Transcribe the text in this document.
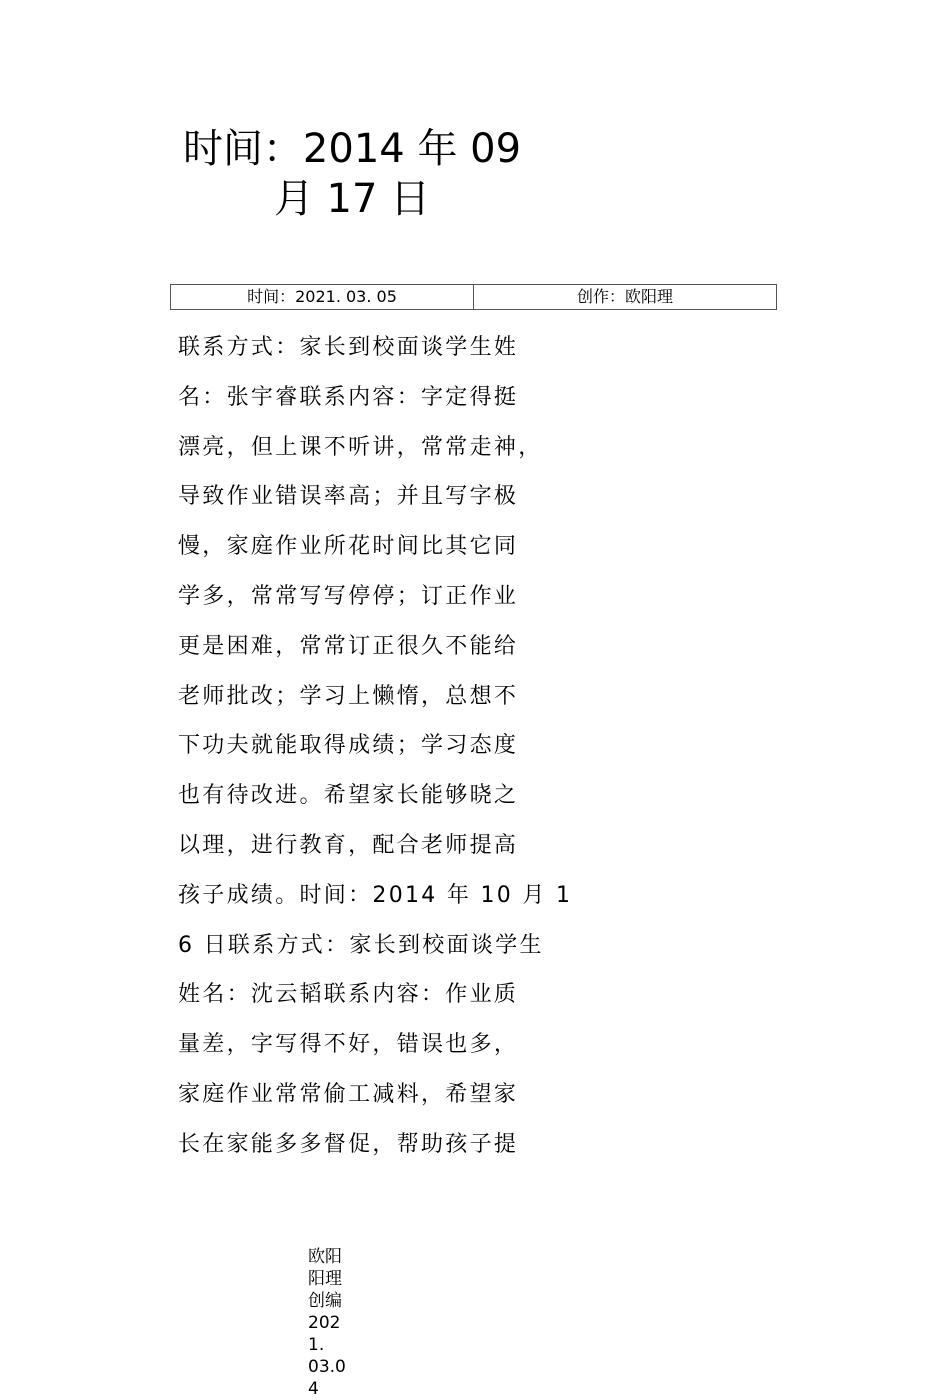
时间：2014 年 09
月 17 日
时间：2021. 03. 05	创作：欧阳理
联系方式：家长到校面谈学生姓
名：张宇睿联系内容：字定得挺
漂亮，但上课不听讲，常常走神，
导致作业错误率高；并且写字极
慢，家庭作业所花时间比其它同
学多，常常写写停停；订正作业
更是困难，常常订正很久不能给
老师批改；学习上懒惰，总想不
下功夫就能取得成绩；学习态度
也有待改进。希望家长能够晓之
以理，进行教育，配合老师提高
孩子成绩。时间：2014 年 10 月 1
6 日联系方式：家长到校面谈学生
姓名：沈云韬联系内容：作业质
量差，字写得不好，错误也多，
家庭作业常常偷工减料，希望家
长在家能多多督促，帮助孩子提
欧阳
阳理
创编
2021.
03.04
